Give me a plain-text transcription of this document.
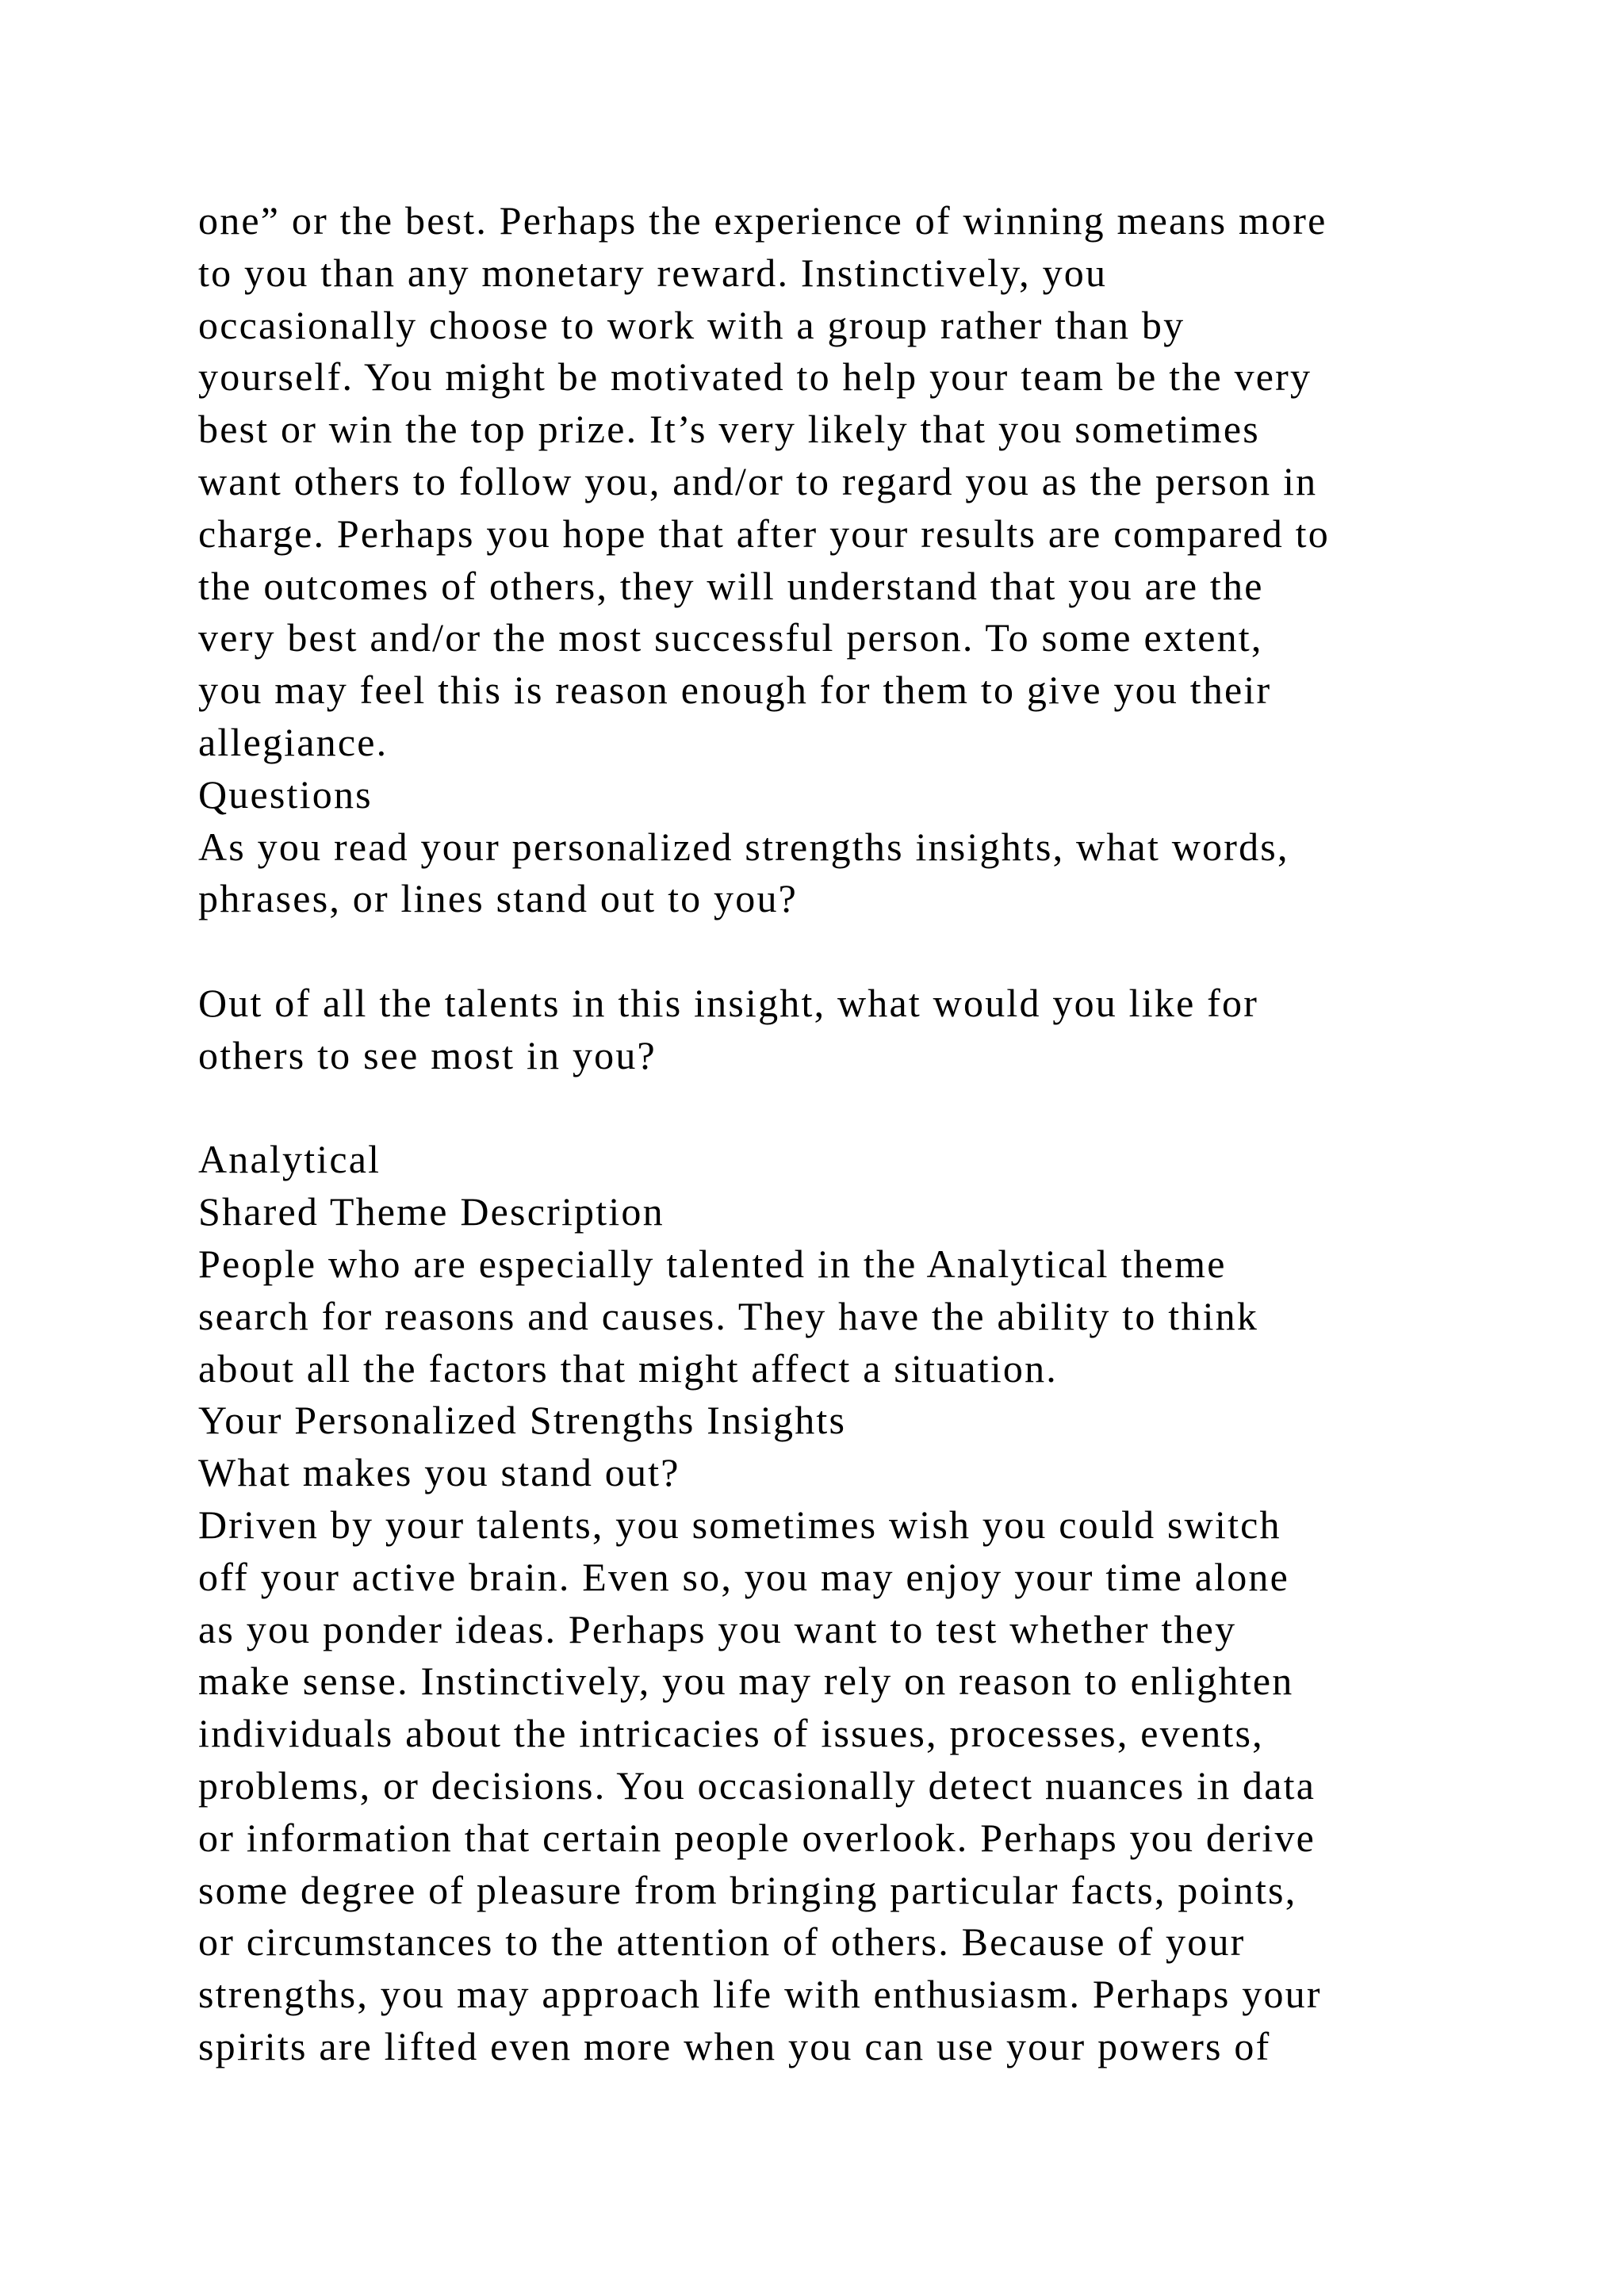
one” or the best. Perhaps the experience of winning means more
to you than any monetary reward. Instinctively, you
occasionally choose to work with a group rather than by
yourself. You might be motivated to help your team be the very
best or win the top prize. It’s very likely that you sometimes
want others to follow you, and/or to regard you as the person in
charge. Perhaps you hope that after your results are compared to
the outcomes of others, they will understand that you are the
very best and/or the most successful person. To some extent,
you may feel this is reason enough for them to give you their
allegiance.
Questions
As you read your personalized strengths insights, what words,
phrases, or lines stand out to you?
Out of all the talents in this insight, what would you like for
others to see most in you?
Analytical
Shared Theme Description
People who are especially talented in the Analytical theme
search for reasons and causes. They have the ability to think
about all the factors that might affect a situation.
Your Personalized Strengths Insights
What makes you stand out?
Driven by your talents, you sometimes wish you could switch
off your active brain. Even so, you may enjoy your time alone
as you ponder ideas. Perhaps you want to test whether they
make sense. Instinctively, you may rely on reason to enlighten
individuals about the intricacies of issues, processes, events,
problems, or decisions. You occasionally detect nuances in data
or information that certain people overlook. Perhaps you derive
some degree of pleasure from bringing particular facts, points,
or circumstances to the attention of others. Because of your
strengths, you may approach life with enthusiasm. Perhaps your
spirits are lifted even more when you can use your powers of
